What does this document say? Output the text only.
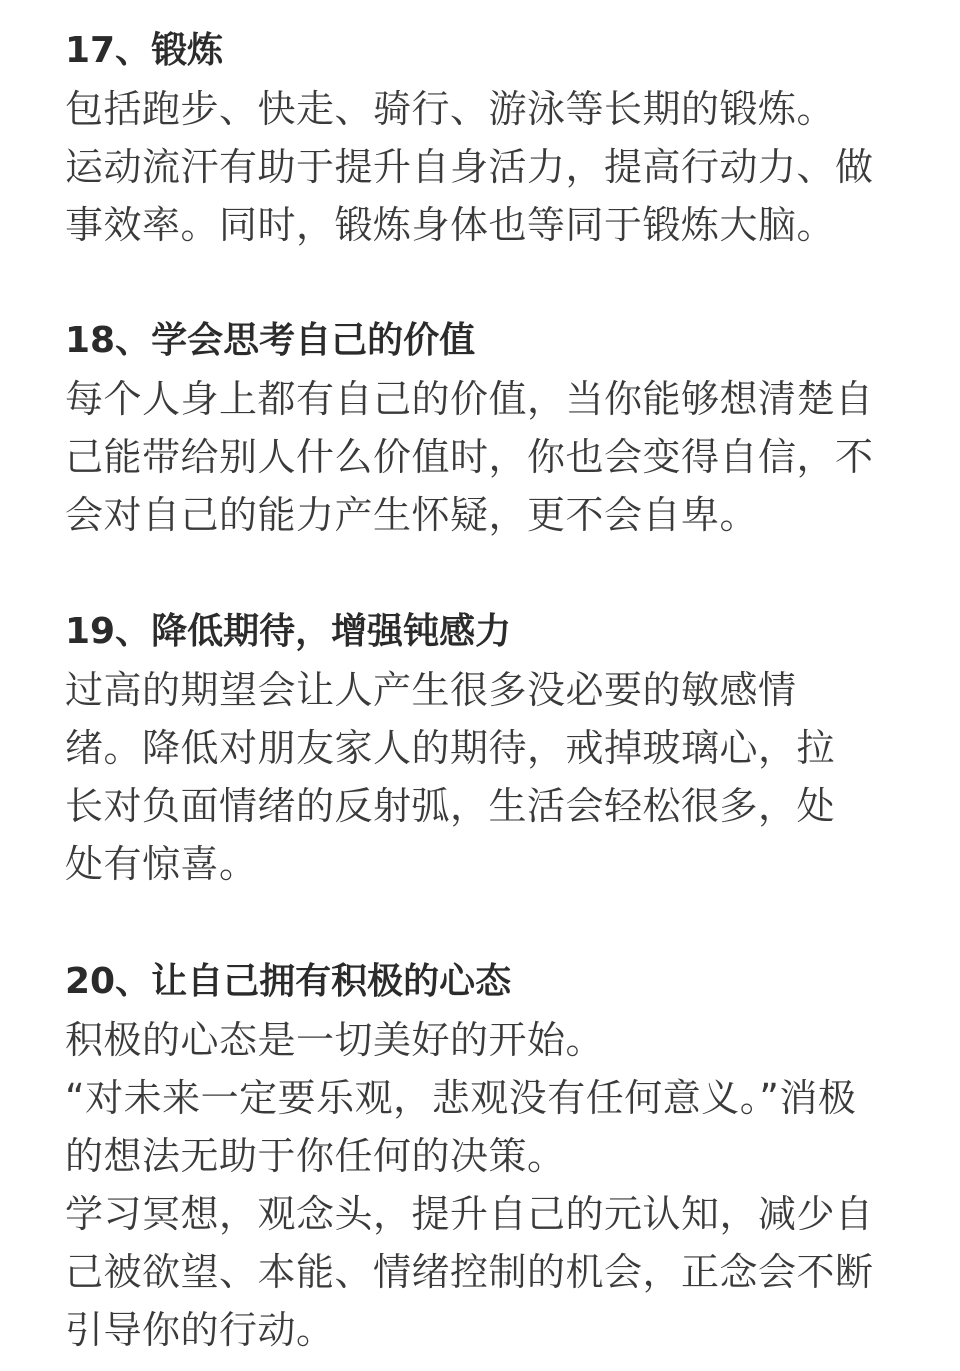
17、锻炼
包括跑步、快走、骑行、游泳等长期的锻炼。
运动流汗有助于提升自身活力，提高行动力、做
事效率。同时，锻炼身体也等同于锻炼大脑。
18、学会思考自己的价值
每个人身上都有自己的价值，当你能够想清楚自
己能带给别人什么价值时，你也会变得自信，不
会对自己的能力产生怀疑，更不会自卑。
19、降低期待，增强钝感力
过高的期望会让人产生很多没必要的敏感情
绪。降低对朋友家人的期待，戒掉玻璃心，拉
长对负面情绪的反射弧，生活会轻松很多，处
处有惊喜。
20、让自己拥有积极的心态
积极的心态是一切美好的开始。
“对未来一定要乐观，悲观没有任何意义。”消极
的想法无助于你任何的决策。
学习冥想，观念头，提升自己的元认知，减少自
己被欲望、本能、情绪控制的机会，正念会不断
引导你的行动。
